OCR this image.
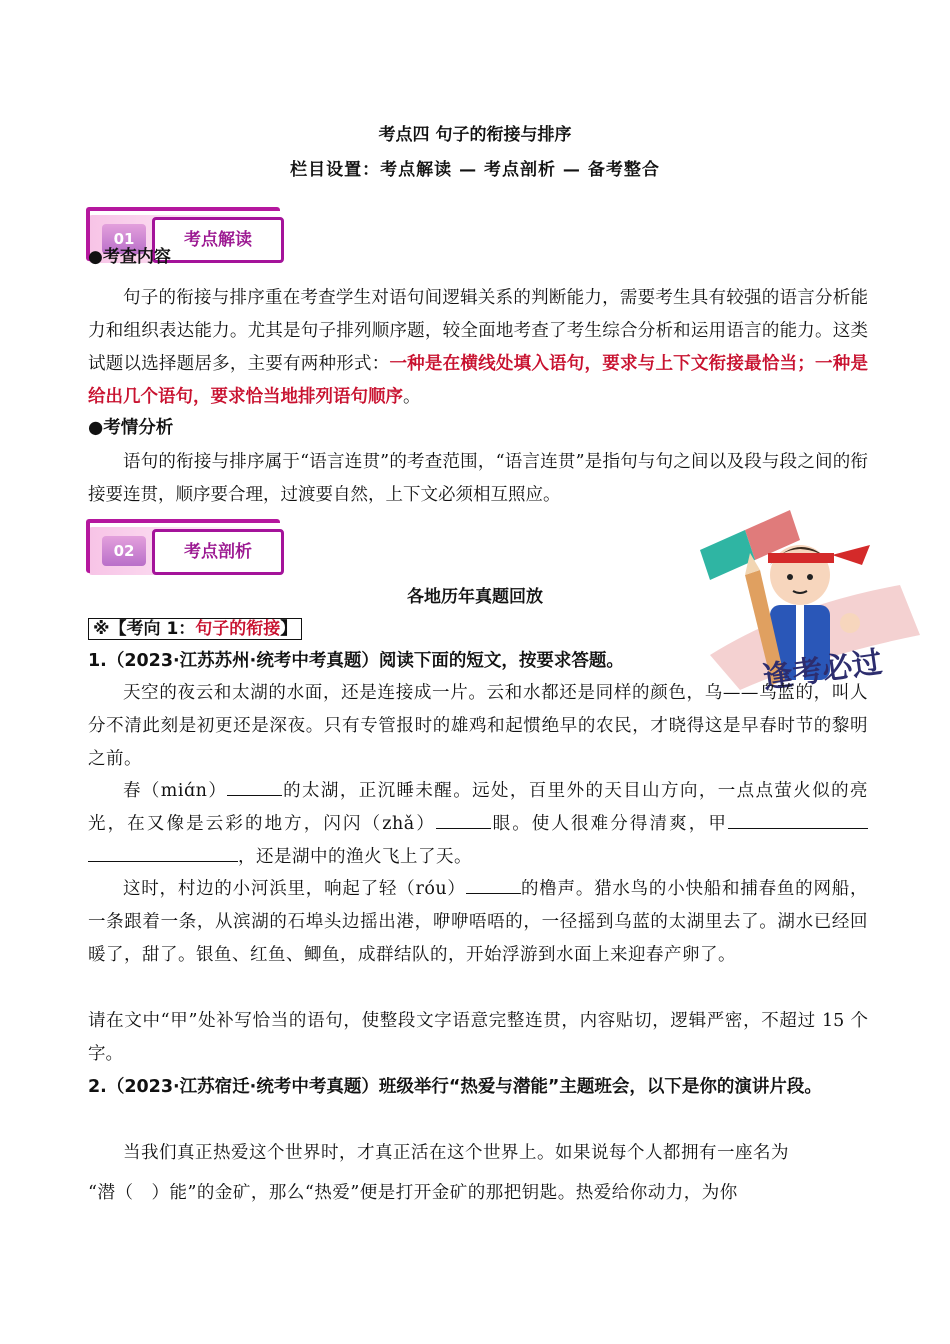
考点四 句子的衔接与排序
栏目设置：考点解读 — 考点剖析 — 备考整合
01	考点解读
●考查内容
句子的衔接与排序重在考查学生对语句间逻辑关系的判断能力，需要考生具有较强的语言分析能力和组织表达能力。尤其是句子排列顺序题，较全面地考查了考生综合分析和运用语言的能力。这类试题以选择题居多，主要有两种形式：一种是在横线处填入语句，要求与上下文衔接最恰当；一种是给出几个语句，要求恰当地排列语句顺序。
●考情分析
语句的衔接与排序属于“语言连贯”的考查范围，“语言连贯”是指句与句之间以及段与段之间的衔接要连贯，顺序要合理，过渡要自然，上下文必须相互照应。
02	考点剖析
逢考必过
各地历年真题回放
※【考向 1：句子的衔接】
1.（2023·江苏苏州·统考中考真题）阅读下面的短文，按要求答题。
天空的夜云和太湖的水面，还是连接成一片。云和水都还是同样的颜色，乌——乌蓝的，叫人分不清此刻是初更还是深夜。只有专管报时的雄鸡和起惯绝早的农民，才晓得这是早春时节的黎明之前。
春（miɑ́n）	的太湖，正沉睡未醒。远处，百里外的天目山方向，一点点萤火似的亮光，在又像是云彩的地方，闪闪（zhǎ）	眼。使人很难分得清爽，甲，还是湖中的渔火飞上了天。
这时，村边的小河浜里，响起了轻（róu）	的橹声。猎水鸟的小快船和捕春鱼的网船，一条跟着一条，从滨湖的石埠头边摇出港，咿咿唔唔的，一径摇到乌蓝的太湖里去了。湖水已经回暖了，甜了。银鱼、红鱼、鲫鱼，成群结队的，开始浮游到水面上来迎春产卵了。
请在文中“甲”处补写恰当的语句，使整段文字语意完整连贯，内容贴切，逻辑严密，不超过 15 个字。
2.（2023·江苏宿迁·统考中考真题）班级举行“热爱与潜能”主题班会，以下是你的演讲片段。
当我们真正热爱这个世界时，才真正活在这个世界上。如果说每个人都拥有一座名为
“潜（　）能”的金矿，那么“热爱”便是打开金矿的那把钥匙。热爱给你动力，为你
